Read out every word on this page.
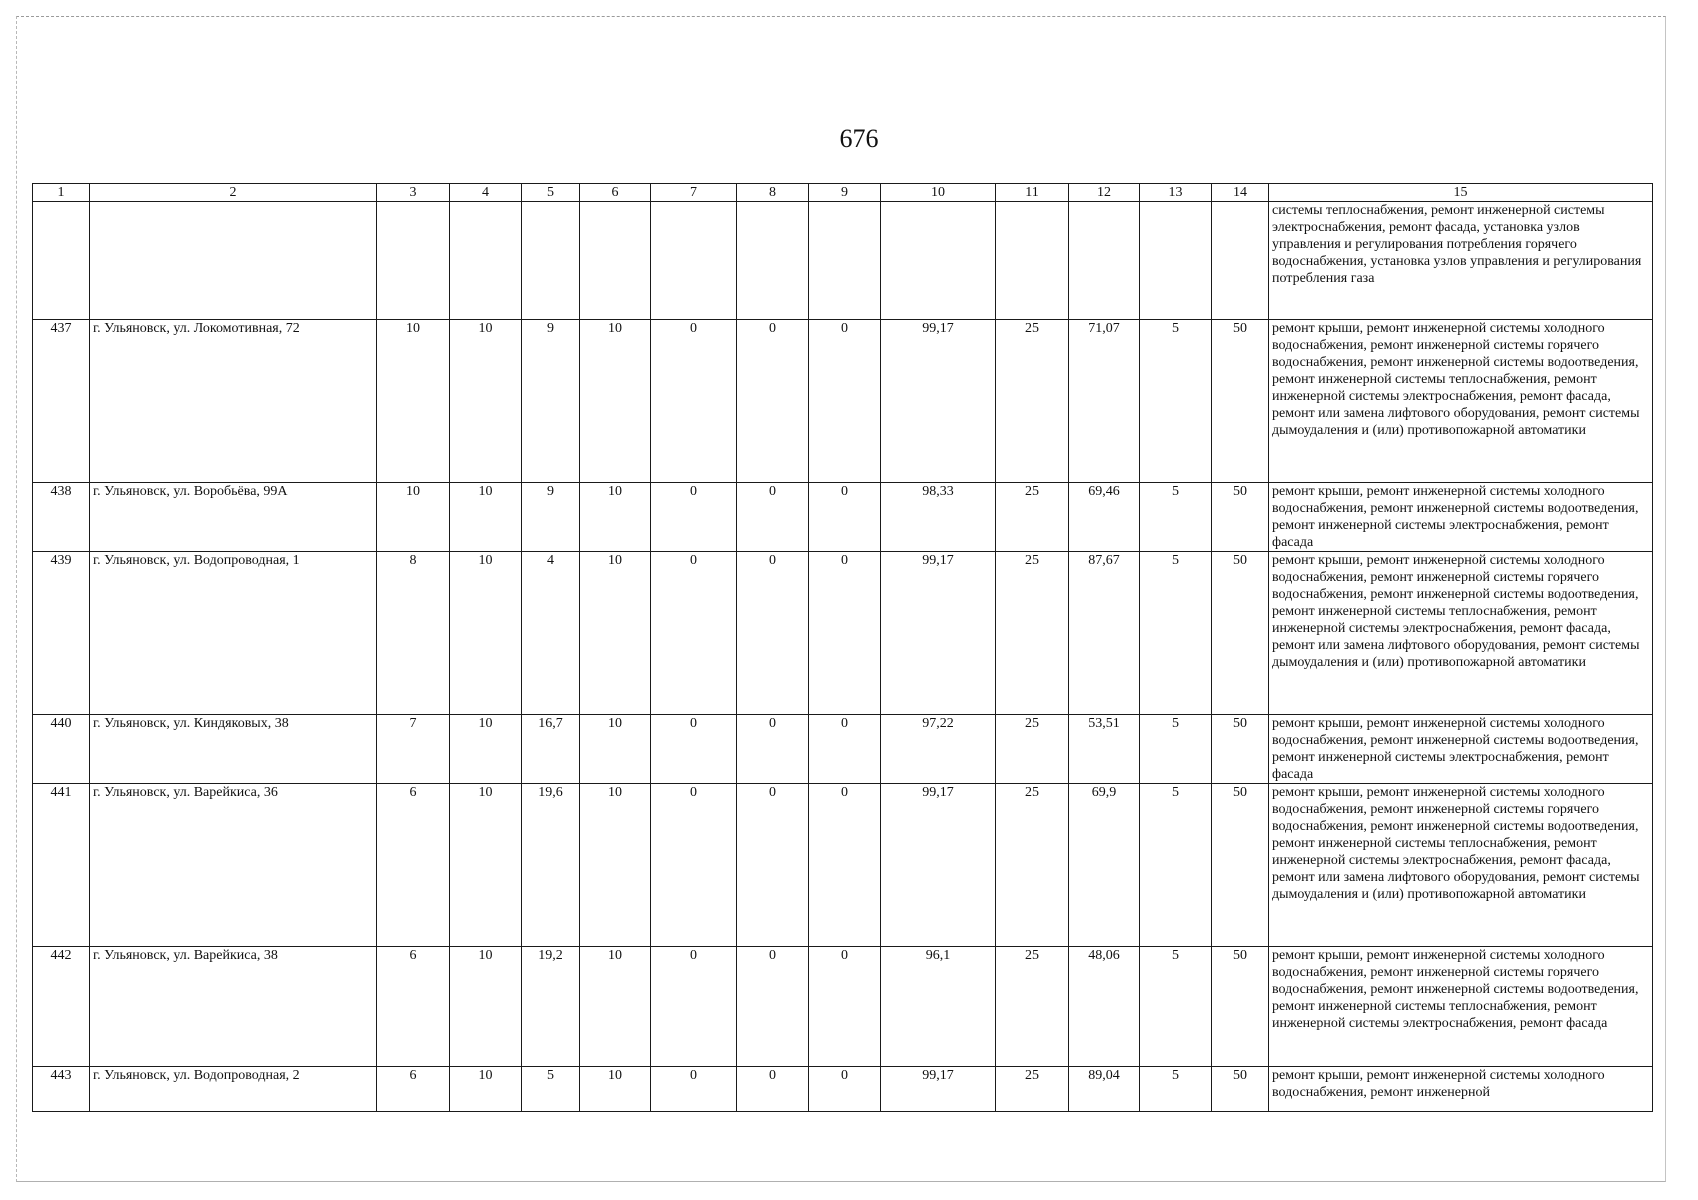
676
1	2	3	4	5	6	7	8	9	10	11	12	13	14	15
														системы теплоснабжения, ремонт инженерной системы электроснабжения, ремонт фасада, установка узлов управления и регулирования потребления горячего водоснабжения, установка узлов управления и регулирования потребления газа
437	г. Ульяновск, ул. Локомотивная, 72	10	10	9	10	0	0	0	99,17	25	71,07	5	50	ремонт крыши, ремонт инженерной системы холодного водоснабжения, ремонт инженерной системы горячего водоснабжения, ремонт инженерной системы водоотведения, ремонт инженерной системы теплоснабжения, ремонт инженерной системы электроснабжения, ремонт фасада, ремонт или замена лифтового оборудования, ремонт системы дымоудаления и (или) противопожарной автоматики
438	г. Ульяновск, ул. Воробьёва, 99А	10	10	9	10	0	0	0	98,33	25	69,46	5	50	ремонт крыши, ремонт инженерной системы холодного водоснабжения, ремонт инженерной системы водоотведения, ремонт инженерной системы электроснабжения, ремонт фасада
439	г. Ульяновск, ул. Водопроводная, 1	8	10	4	10	0	0	0	99,17	25	87,67	5	50	ремонт крыши, ремонт инженерной системы холодного водоснабжения, ремонт инженерной системы горячего водоснабжения, ремонт инженерной системы водоотведения, ремонт инженерной системы теплоснабжения, ремонт инженерной системы электроснабжения, ремонт фасада, ремонт или замена лифтового оборудования, ремонт системы дымоудаления и (или) противопожарной автоматики
440	г. Ульяновск, ул. Киндяковых, 38	7	10	16,7	10	0	0	0	97,22	25	53,51	5	50	ремонт крыши, ремонт инженерной системы холодного водоснабжения, ремонт инженерной системы водоотведения, ремонт инженерной системы электроснабжения, ремонт фасада
441	г. Ульяновск, ул. Варейкиса, 36	6	10	19,6	10	0	0	0	99,17	25	69,9	5	50	ремонт крыши, ремонт инженерной системы холодного водоснабжения, ремонт инженерной системы горячего водоснабжения, ремонт инженерной системы водоотведения, ремонт инженерной системы теплоснабжения, ремонт инженерной системы электроснабжения, ремонт фасада, ремонт или замена лифтового оборудования, ремонт системы дымоудаления и (или) противопожарной автоматики
442	г. Ульяновск, ул. Варейкиса, 38	6	10	19,2	10	0	0	0	96,1	25	48,06	5	50	ремонт крыши, ремонт инженерной системы холодного водоснабжения, ремонт инженерной системы горячего водоснабжения, ремонт инженерной системы водоотведения, ремонт инженерной системы теплоснабжения, ремонт инженерной системы электроснабжения, ремонт фасада
443	г. Ульяновск, ул. Водопроводная, 2	6	10	5	10	0	0	0	99,17	25	89,04	5	50	ремонт крыши, ремонт инженерной системы холодного водоснабжения, ремонт инженерной
